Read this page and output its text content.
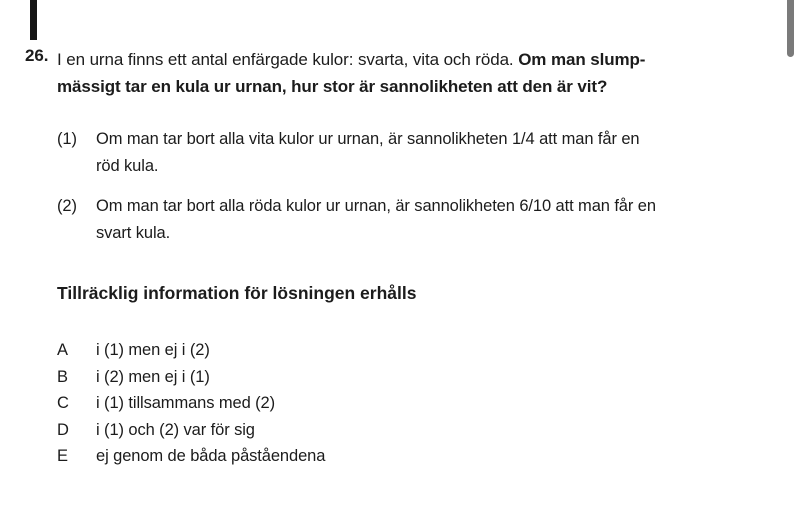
26. I en urna finns ett antal enfärgade kulor: svarta, vita och röda. Om man slump-
mässigt tar en kula ur urnan, hur stor är sannolikheten att den är vit?
(1) Om man tar bort alla vita kulor ur urnan, är sannolikheten 1/4 att man får en
röd kula.
(2) Om man tar bort alla röda kulor ur urnan, är sannolikheten 6/10 att man får en
svart kula.
Tillräcklig information för lösningen erhålls
A i (1) men ej i (2)
B i (2) men ej i (1)
C i (1) tillsammans med (2)
D i (1) och (2) var för sig
E ej genom de båda påståendena
